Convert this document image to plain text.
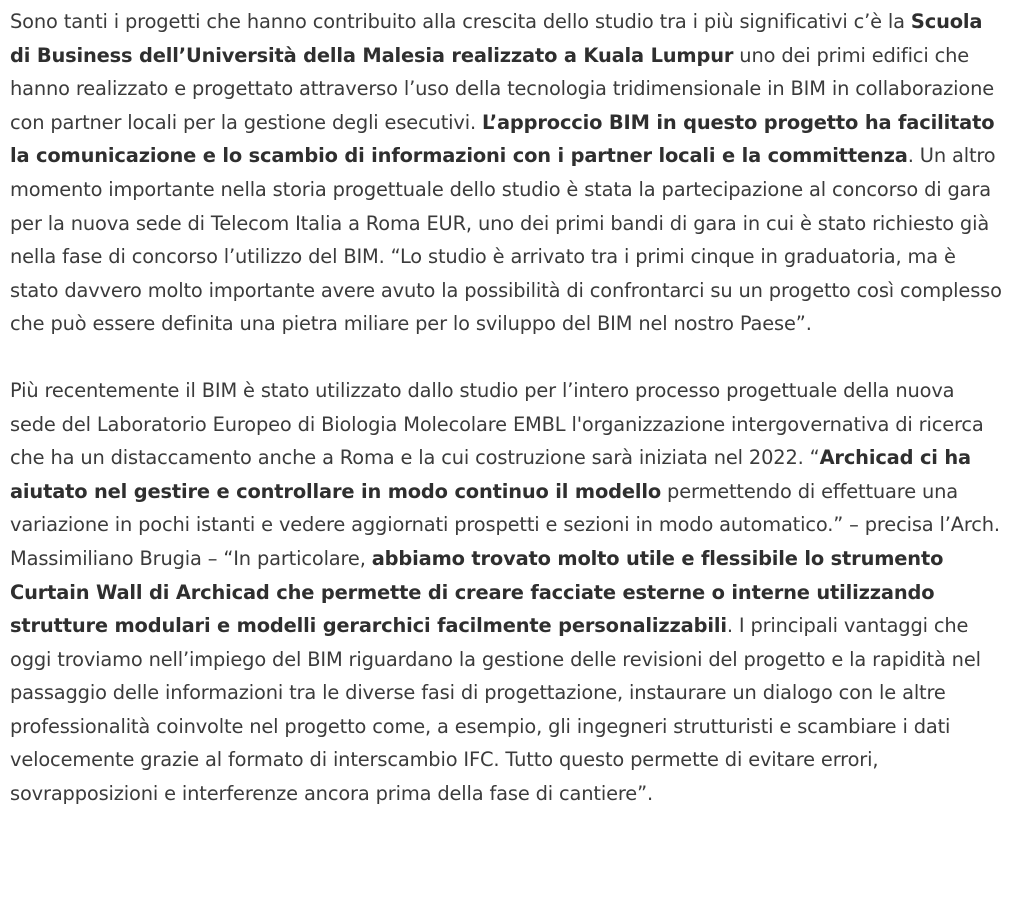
Sono tanti i progetti che hanno contribuito alla crescita dello studio tra i più significativi c’è la Scuola di Business dell’Università della Malesia realizzato a Kuala Lumpur uno dei primi edifici che hanno realizzato e progettato attraverso l’uso della tecnologia tridimensionale in BIM in collaborazione con partner locali per la gestione degli esecutivi. L’approccio BIM in questo progetto ha facilitato la comunicazione e lo scambio di informazioni con i partner locali e la committenza. Un altro momento importante nella storia progettuale dello studio è stata la partecipazione al concorso di gara per la nuova sede di Telecom Italia a Roma EUR, uno dei primi bandi di gara in cui è stato richiesto già nella fase di concorso l’utilizzo del BIM. “Lo studio è arrivato tra i primi cinque in graduatoria, ma è stato davvero molto importante avere avuto la possibilità di confrontarci su un progetto così complesso che può essere definita una pietra miliare per lo sviluppo del BIM nel nostro Paese”.

Più recentemente il BIM è stato utilizzato dallo studio per l’intero processo progettuale della nuova sede del Laboratorio Europeo di Biologia Molecolare EMBL l'organizzazione intergovernativa di ricerca che ha un distaccamento anche a Roma e la cui costruzione sarà iniziata nel 2022. “Archicad ci ha aiutato nel gestire e controllare in modo continuo il modello permettendo di effettuare una variazione in pochi istanti e vedere aggiornati prospetti e sezioni in modo automatico.” – precisa l’Arch. Massimiliano Brugia – “In particolare, abbiamo trovato molto utile e flessibile lo strumento Curtain Wall di Archicad che permette di creare facciate esterne o interne utilizzando strutture modulari e modelli gerarchici facilmente personalizzabili. I principali vantaggi che oggi troviamo nell’impiego del BIM riguardano la gestione delle revisioni del progetto e la rapidità nel passaggio delle informazioni tra le diverse fasi di progettazione, instaurare un dialogo con le altre professionalità coinvolte nel progetto come, a esempio, gli ingegneri strutturisti e scambiare i dati velocemente grazie al formato di interscambio IFC. Tutto questo permette di evitare errori, sovrapposizioni e interferenze ancora prima della fase di cantiere”.
